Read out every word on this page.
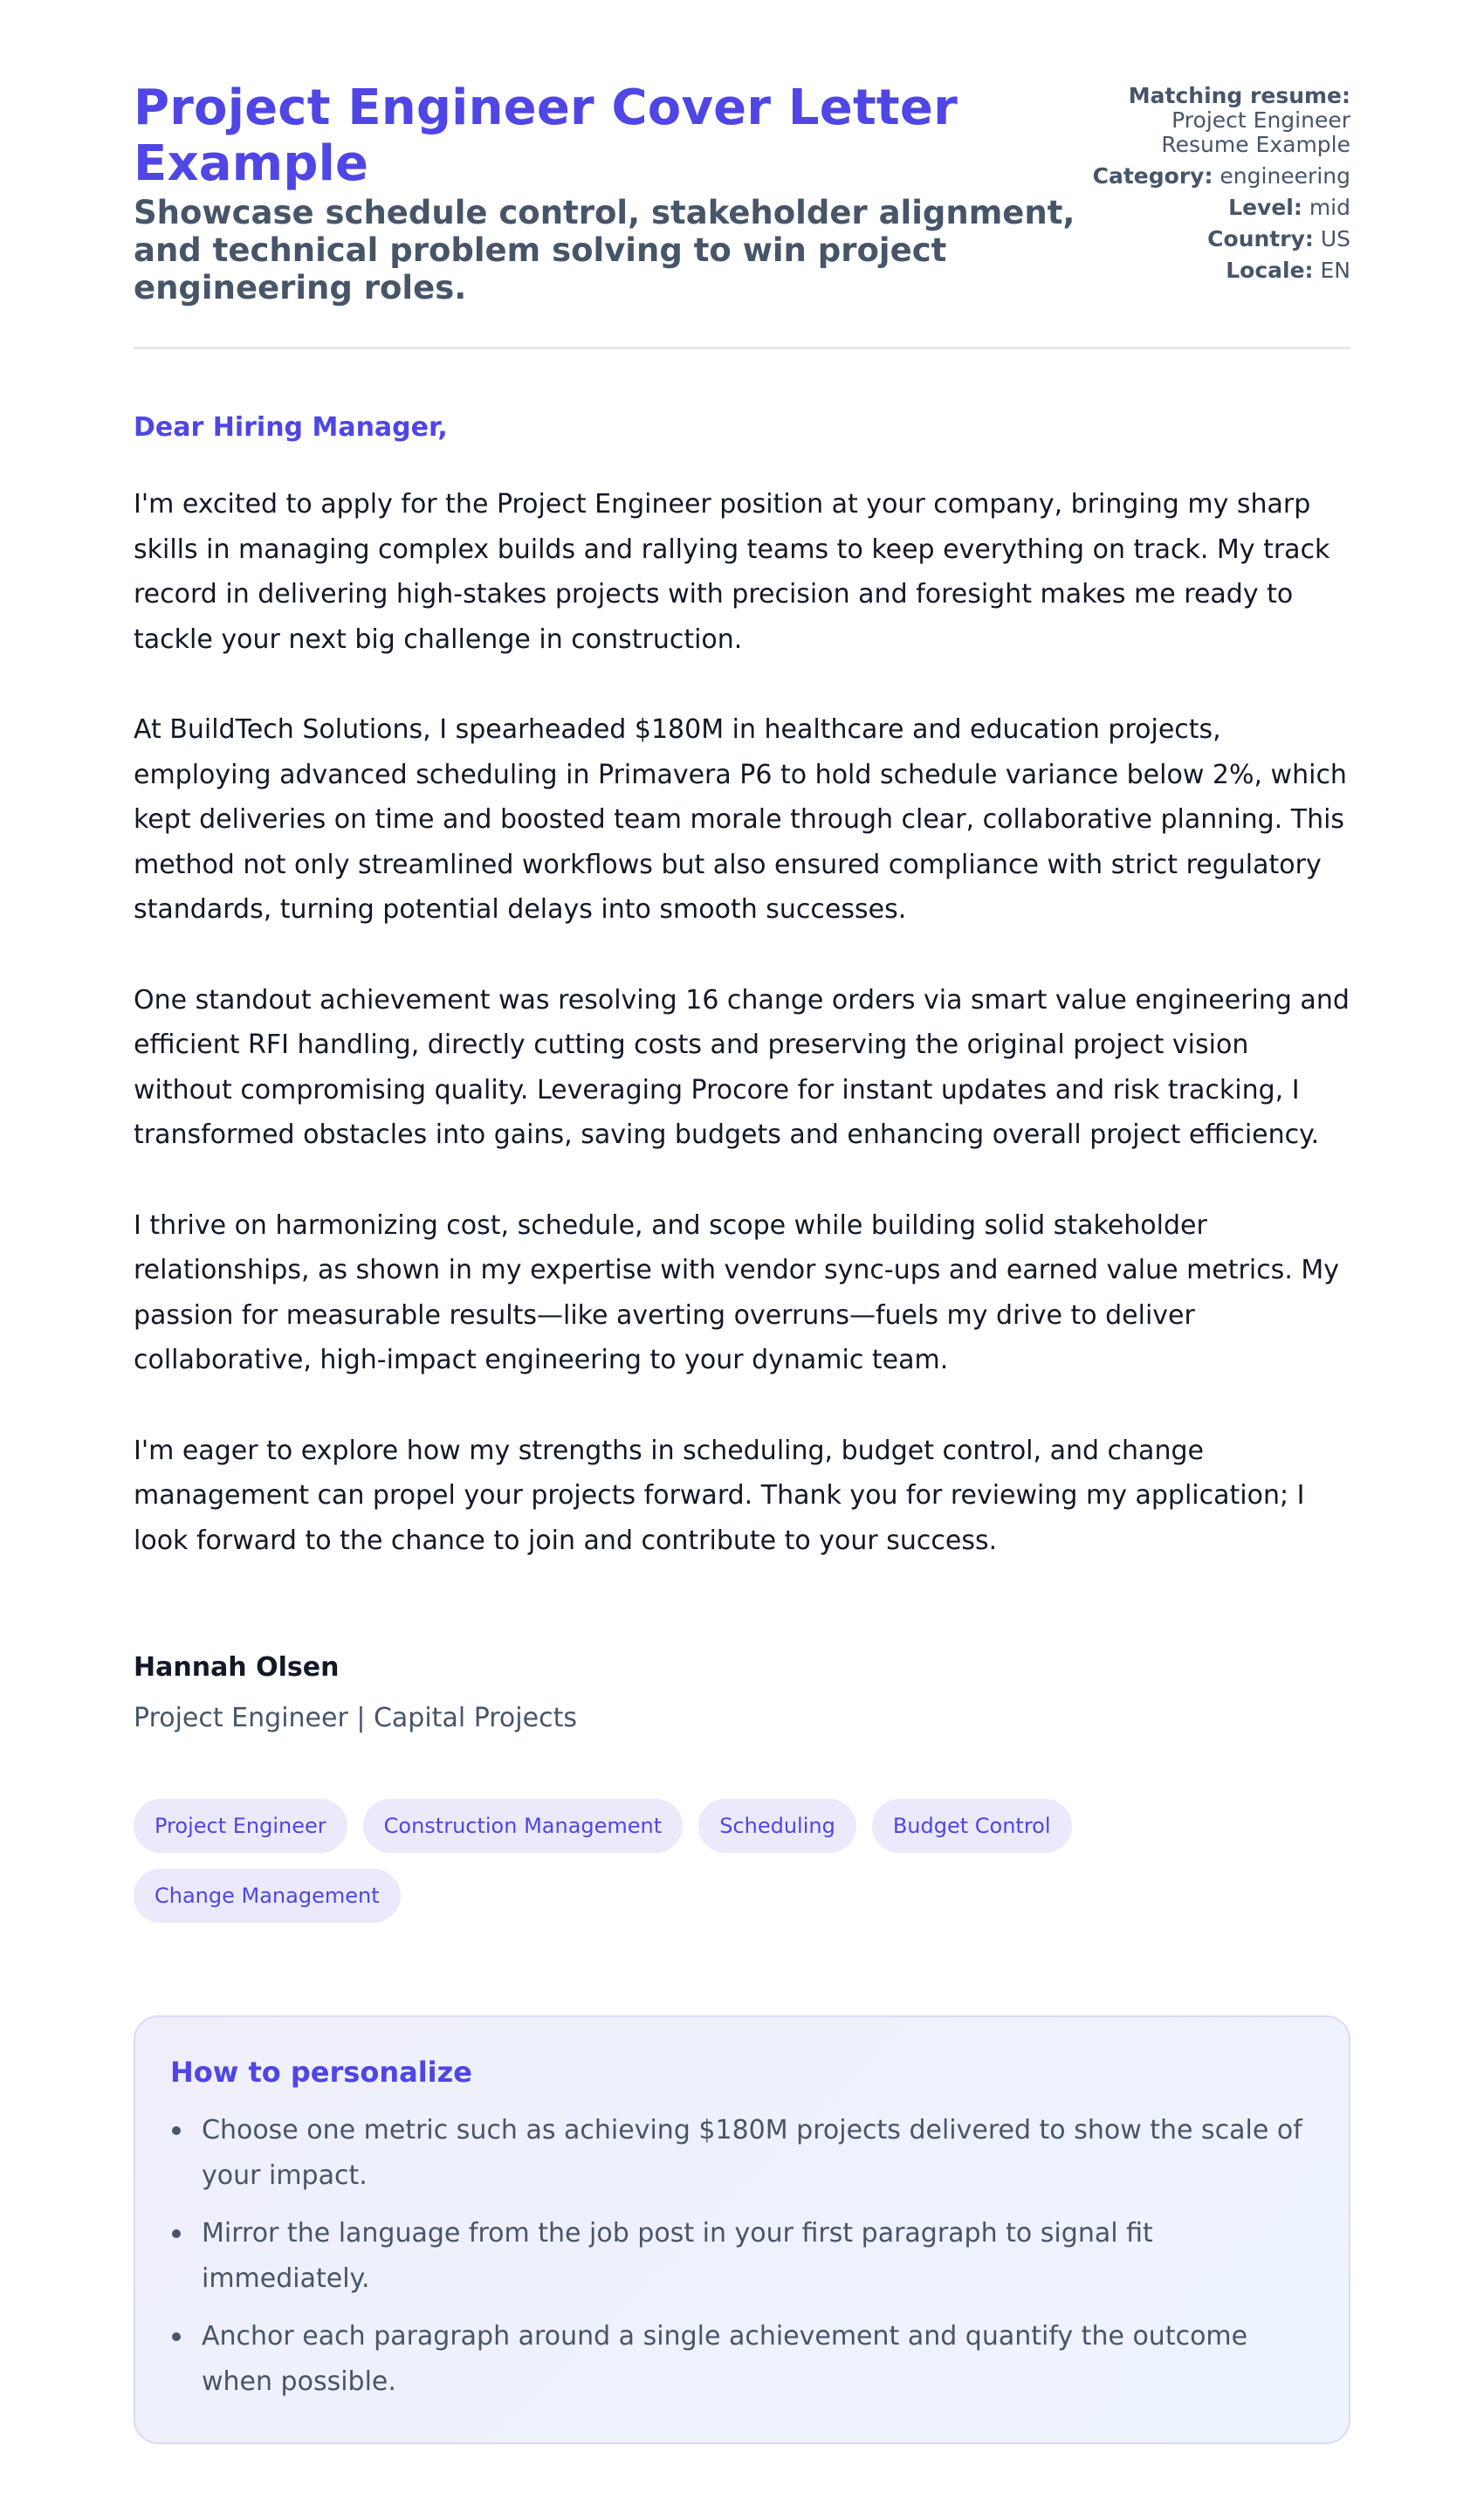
Project Engineer Cover Letter Example
Showcase schedule control, stakeholder alignment, and technical problem solving to win project engineering roles.
Matching resume:
Project Engineer
Resume Example
Category: engineering
Level: mid
Country: US
Locale: EN
Dear Hiring Manager,

I'm excited to apply for the Project Engineer position at your company, bringing my sharp skills in managing complex builds and rallying teams to keep everything on track. My track record in delivering high-stakes projects with precision and foresight makes me ready to tackle your next big challenge in construction.

At BuildTech Solutions, I spearheaded $180M in healthcare and education projects, employing advanced scheduling in Primavera P6 to hold schedule variance below 2%, which kept deliveries on time and boosted team morale through clear, collaborative planning. This method not only streamlined workflows but also ensured compliance with strict regulatory standards, turning potential delays into smooth successes.

One standout achievement was resolving 16 change orders via smart value engineering and efficient RFI handling, directly cutting costs and preserving the original project vision without compromising quality. Leveraging Procore for instant updates and risk tracking, I transformed obstacles into gains, saving budgets and enhancing overall project efficiency.

I thrive on harmonizing cost, schedule, and scope while building solid stakeholder relationships, as shown in my expertise with vendor sync-ups and earned value metrics. My passion for measurable results—like averting overruns—fuels my drive to deliver collaborative, high-impact engineering to your dynamic team.

I'm eager to explore how my strengths in scheduling, budget control, and change management can propel your projects forward. Thank you for reviewing my application; I look forward to the chance to join and contribute to your success.

Hannah Olsen
Project Engineer | Capital Projects
Project Engineer	Construction Management	Scheduling	Budget Control
Change Management
How to personalize
Choose one metric such as achieving $180M projects delivered to show the scale of your impact.
Mirror the language from the job post in your first paragraph to signal fit immediately.
Anchor each paragraph around a single achievement and quantify the outcome when possible.
